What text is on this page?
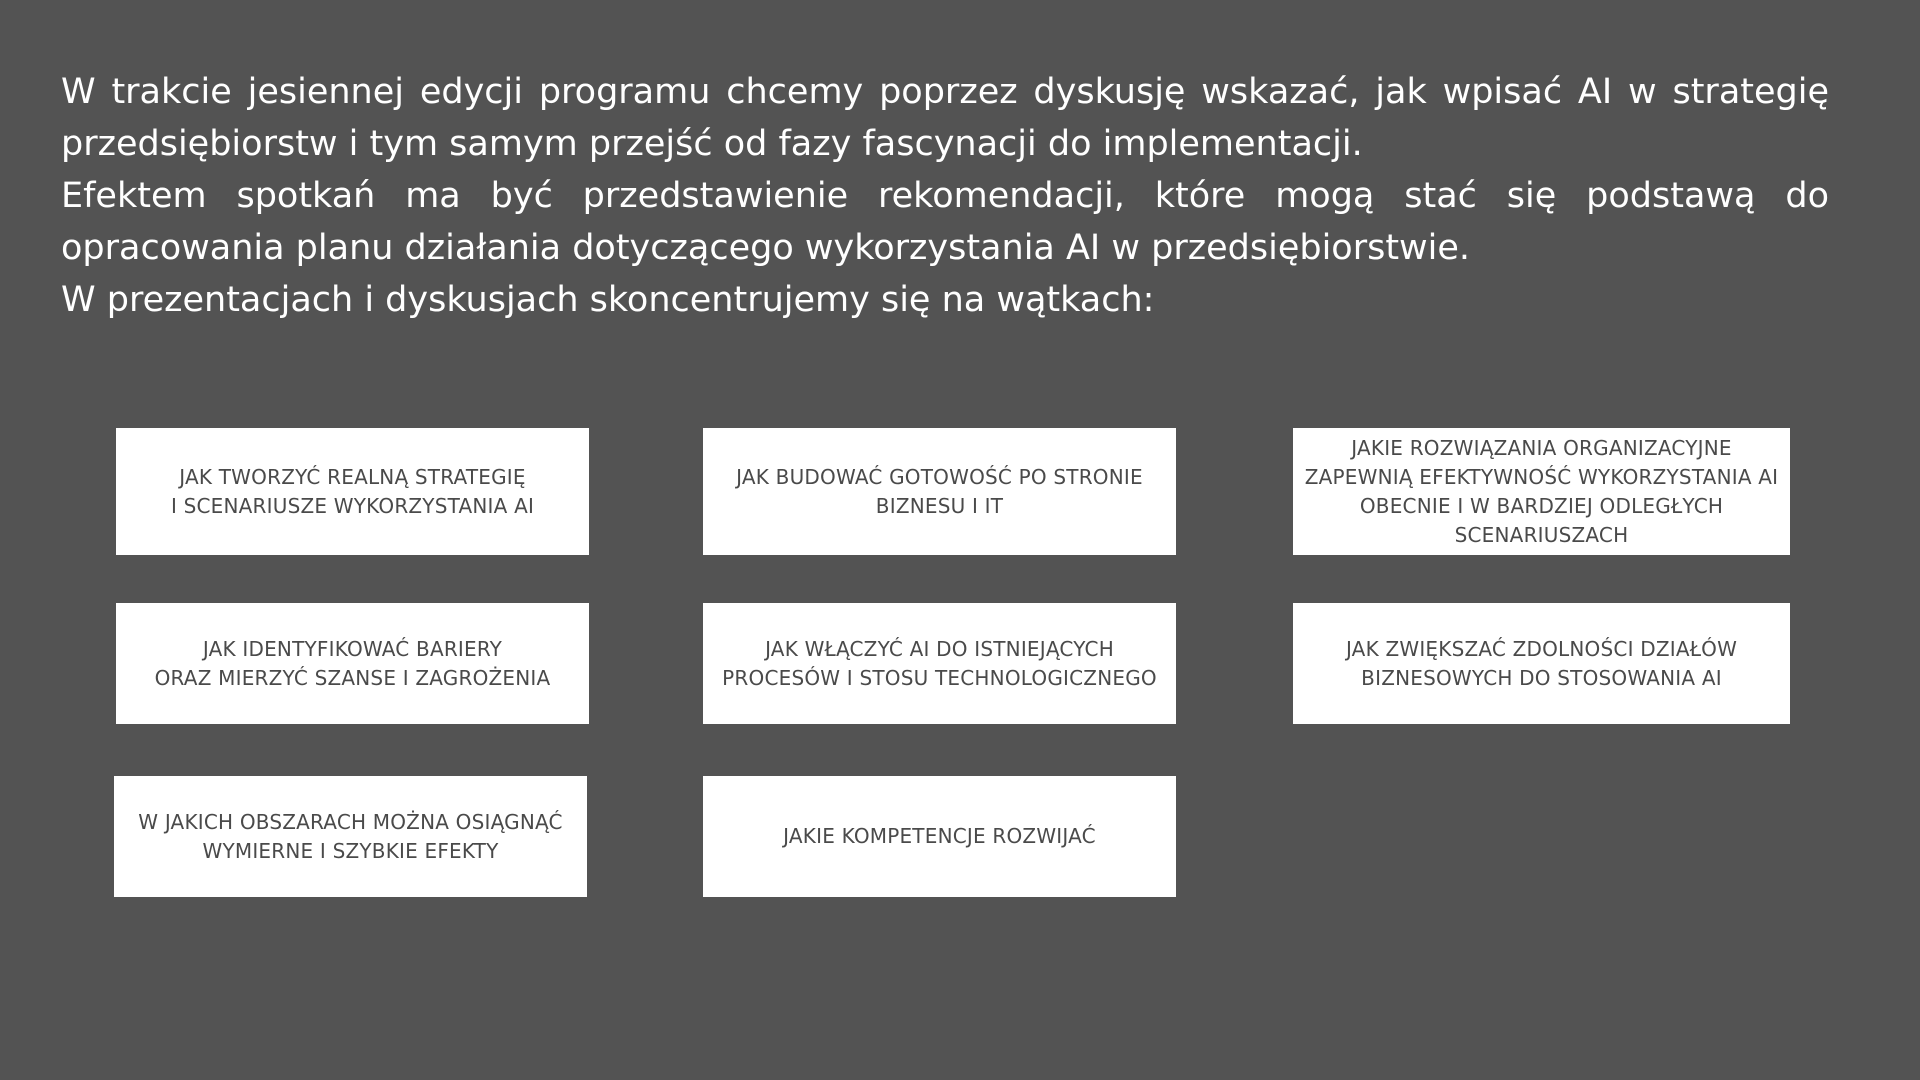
W trakcie jesiennej edycji programu chcemy poprzez dyskusję wskazać, jak wpisać AI w strategię przedsiębiorstw i tym samym przejść od fazy fascynacji do implementacji.

Efektem spotkań ma być przedstawienie rekomendacji, które mogą stać się podstawą do opracowania planu działania dotyczącego wykorzystania AI w przedsiębiorstwie.

W prezentacjach i dyskusjach skoncentrujemy się na wątkach:

JAK TWORZYĆ REALNĄ STRATEGIĘ
I SCENARIUSZE WYKORZYSTANIA AI
JAK BUDOWAĆ GOTOWOŚĆ PO STRONIE
BIZNESU I IT
JAKIE ROZWIĄZANIA ORGANIZACYJNE
ZAPEWNIĄ EFEKTYWNOŚĆ WYKORZYSTANIA AI
OBECNIE I W BARDZIEJ ODLEGŁYCH
SCENARIUSZACH
JAK IDENTYFIKOWAĆ BARIERY
ORAZ MIERZYĆ SZANSE I ZAGROŻENIA
JAK WŁĄCZYĆ AI DO ISTNIEJĄCYCH
PROCESÓW I STOSU TECHNOLOGICZNEGO
JAK ZWIĘKSZAĆ ZDOLNOŚCI DZIAŁÓW
BIZNESOWYCH DO STOSOWANIA AI
W JAKICH OBSZARACH MOŻNA OSIĄGNĄĆ
WYMIERNE I SZYBKIE EFEKTY
JAKIE KOMPETENCJE ROZWIJAĆ
